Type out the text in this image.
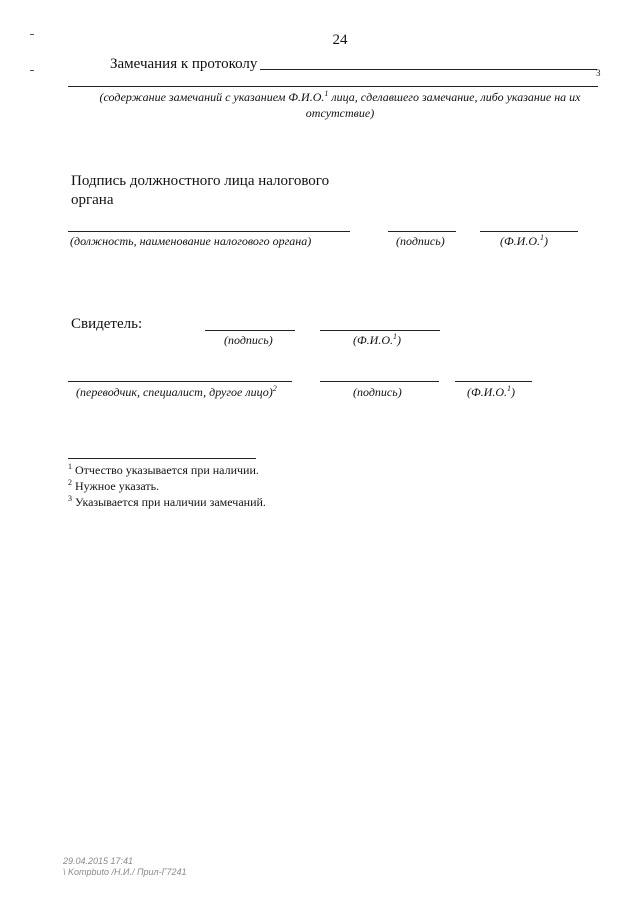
24
Замечания к протоколу
3
(содержание замечаний с указанием Ф.И.О.$^1$ лица, сделавшего замечание, либо указание на их
отсутствие)
Подпись должностного лица налогового
органа
(должность, наименование налогового органа)	(подпись)	(Ф.И.О.$^1$)
Свидетель:
(подпись)	(Ф.И.О.$^1$)
(переводчик, специалист, другое лицо)$^2$	(подпись)	(Ф.И.О.$^1$)
$^1$ Отчество указывается при наличии.
$^2$ Нужное указать.
$^3$ Указывается при наличии замечаний.
29.04.2015 17:41
\ Kompbuto /Н.И./ Прил-Г7241
